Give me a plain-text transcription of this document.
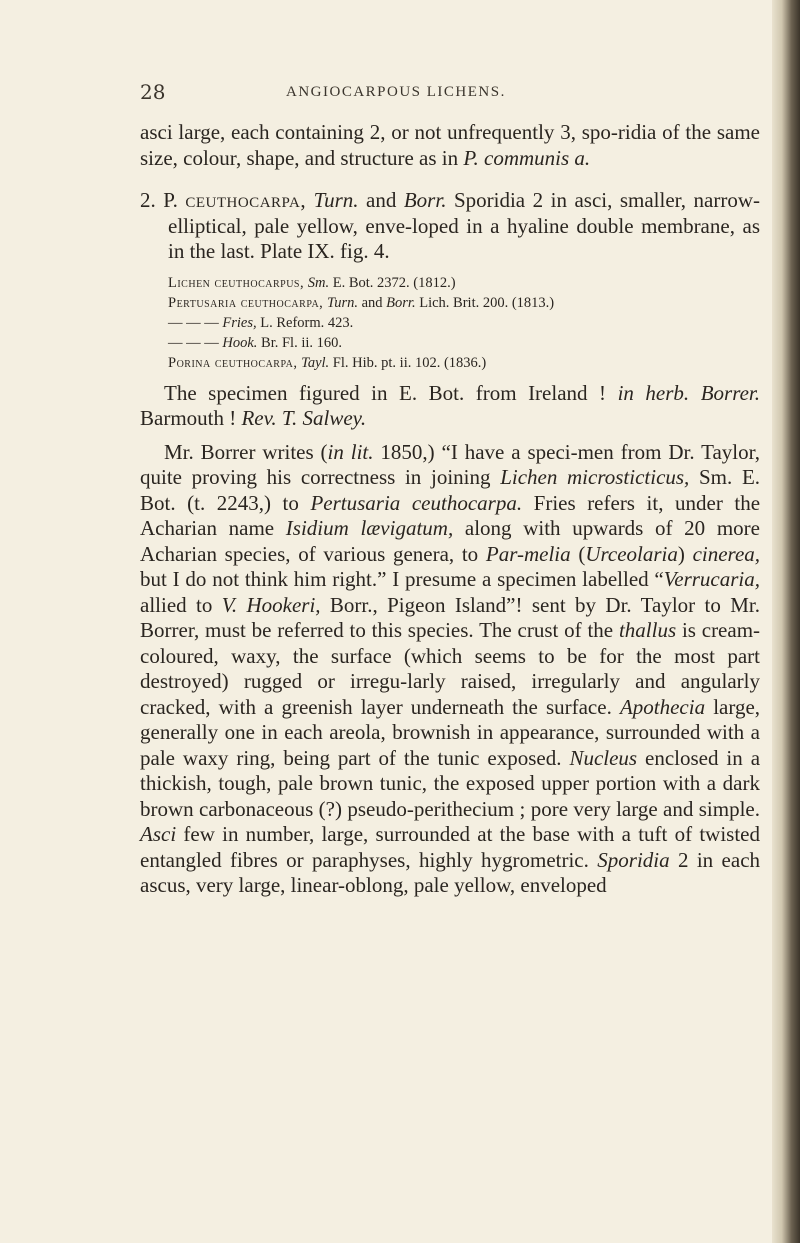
28	ANGIOCARPOUS LICHENS.

asci large, each containing 2, or not unfrequently 3, spo-ridia of the same size, colour, shape, and structure as in P. communis a.

2. P. ceuthocarpa, Turn. and Borr. Sporidia 2 in asci, smaller, narrow-elliptical, pale yellow, enve-loped in a hyaline double membrane, as in the last. Plate IX. fig. 4.

Lichen ceuthocarpus, Sm. E. Bot. 2372. (1812.)
Pertusaria ceuthocarpa, Turn. and Borr. Lich. Brit. 200. (1813.)
— — — Fries, L. Reform. 423.
— — — Hook. Br. Fl. ii. 160.
Porina ceuthocarpa, Tayl. Fl. Hib. pt. ii. 102. (1836.)

The specimen figured in E. Bot. from Ireland ! in herb. Borrer. Barmouth ! Rev. T. Salwey.

Mr. Borrer writes (in lit. 1850,) “I have a speci-men from Dr. Taylor, quite proving his correctness in joining Lichen microsticticus, Sm. E. Bot. (t. 2243,) to Pertusaria ceuthocarpa. Fries refers it, under the Acharian name Isidium lævigatum, along with upwards of 20 more Acharian species, of various genera, to Par-melia (Urceolaria) cinerea, but I do not think him right.” I presume a specimen labelled “Verrucaria, allied to V. Hookeri, Borr., Pigeon Island”! sent by Dr. Taylor to Mr. Borrer, must be referred to this species. The crust of the thallus is cream-coloured, waxy, the surface (which seems to be for the most part destroyed) rugged or irregu-larly raised, irregularly and angularly cracked, with a greenish layer underneath the surface. Apothecia large, generally one in each areola, brownish in appearance, surrounded with a pale waxy ring, being part of the tunic exposed. Nucleus enclosed in a thickish, tough, pale brown tunic, the exposed upper portion with a dark brown carbonaceous (?) pseudo-perithecium ; pore very large and simple. Asci few in number, large, surrounded at the base with a tuft of twisted entangled fibres or paraphyses, highly hygrometric. Sporidia 2 in each ascus, very large, linear-oblong, pale yellow, enveloped
